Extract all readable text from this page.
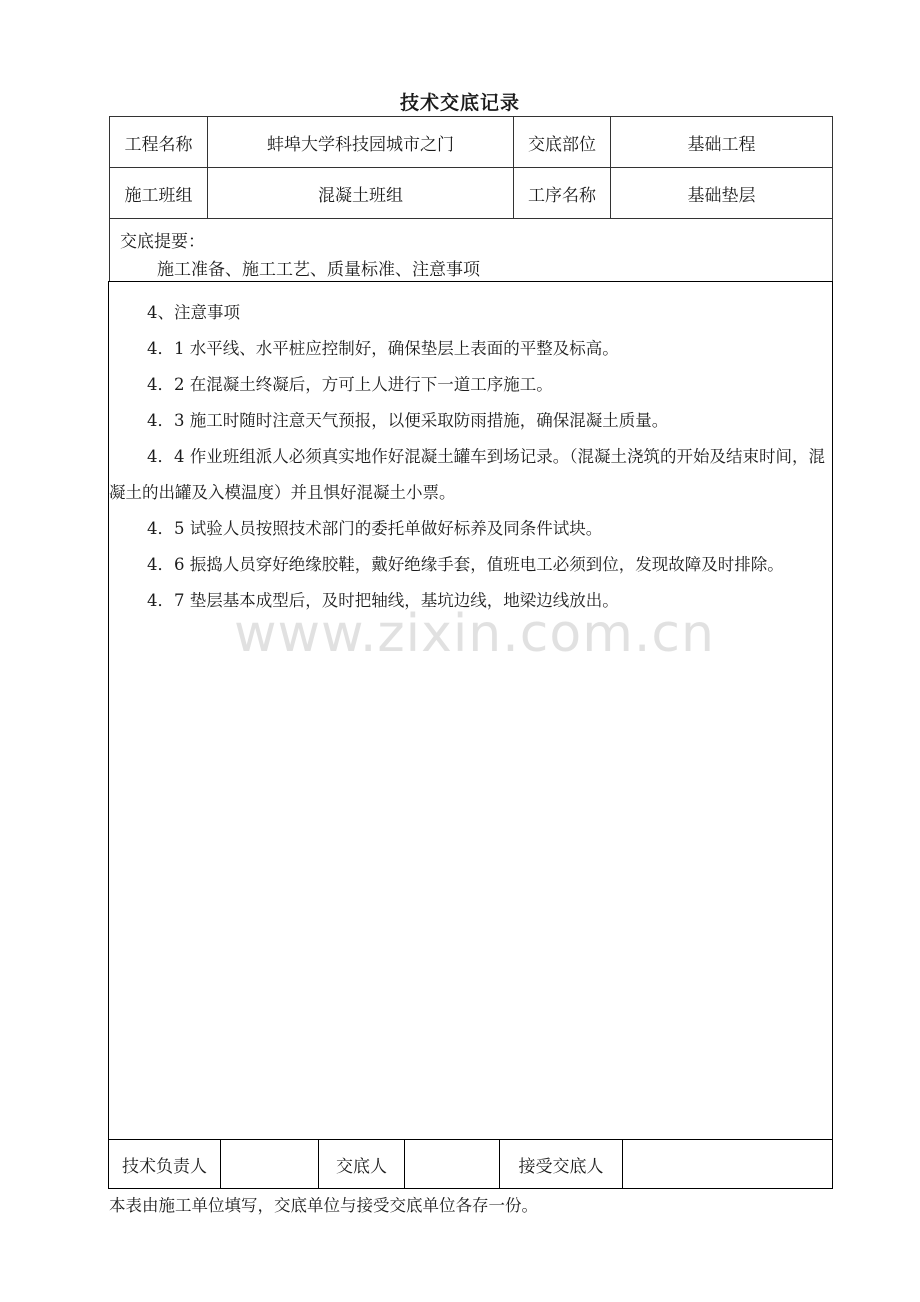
技术交底记录
工程名称	蚌埠大学科技园城市之门	交底部位	基础工程
施工班组	混凝土班组	工序名称	基础垫层
交底提要：
施工准备、施工工艺、质量标准、注意事项

4、注意事项

4．1 水平线、水平桩应控制好，确保垫层上表面的平整及标高。

4．2 在混凝土终凝后，方可上人进行下一道工序施工。

4．3 施工时随时注意天气预报，以便采取防雨措施，确保混凝土质量。

4．4 作业班组派人必须真实地作好混凝土罐车到场记录。（混凝土浇筑的开始及结束时间，混凝土的出罐及入模温度）并且惧好混凝土小票。

4．5 试验人员按照技术部门的委托单做好标养及同条件试块。

4．6 振捣人员穿好绝缘胶鞋，戴好绝缘手套，值班电工必须到位，发现故障及时排除。

4．7 垫层基本成型后，及时把轴线，基坑边线，地梁边线放出。

www.zixin.com.cn
技术负责人	交底人	接受交底人
本表由施工单位填写，交底单位与接受交底单位各存一份。
